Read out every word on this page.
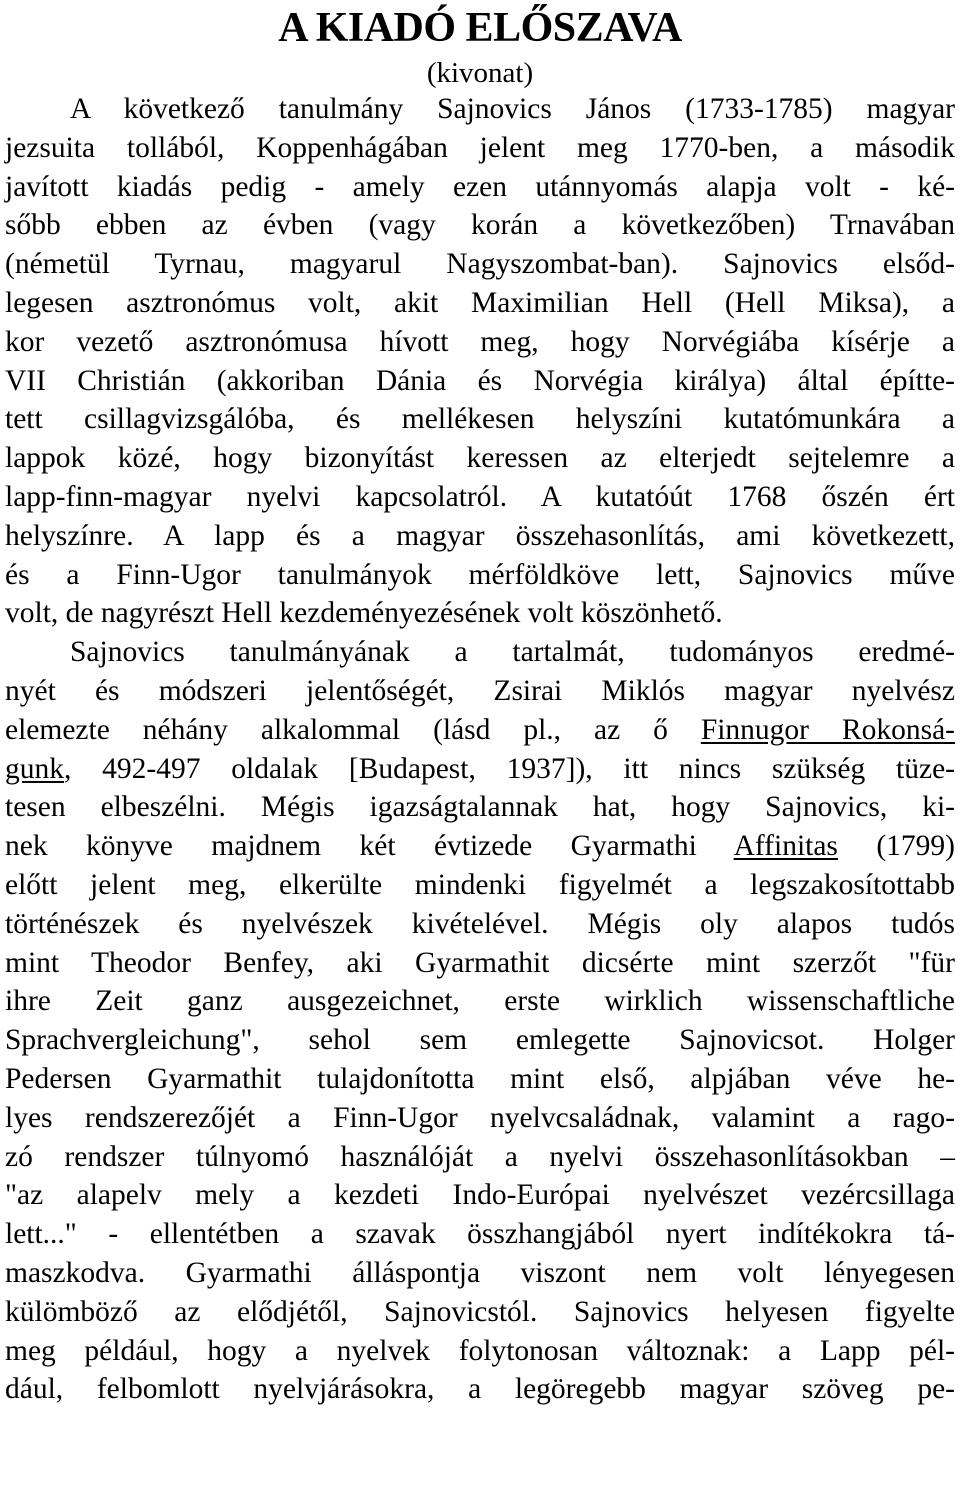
A KIADÓ ELŐSZAVA
(kivonat)

A következő tanulmány Sajnovics János (1733-1785) magyar
jezsuita tollából, Koppenhágában jelent meg 1770-ben, a második
javított kiadás pedig - amely ezen utánnyomás alapja volt - ké-
sőbb ebben az évben (vagy korán a következőben) Trnavában
(németül Tyrnau, magyarul Nagyszombat-ban). Sajnovics elsőd-
legesen asztronómus volt, akit Maximilian Hell (Hell Miksa), a
kor vezető asztronómusa hívott meg, hogy Norvégiába kísérje a
VII Christián (akkoriban Dánia és Norvégia királya) által építte-
tett csillagvizsgálóba, és mellékesen helyszíni kutatómunkára a
lappok közé, hogy bizonyítást keressen az elterjedt sejtelemre a
lapp-finn-magyar nyelvi kapcsolatról. A kutatóút 1768 őszén ért
helyszínre. A lapp és a magyar összehasonlítás, ami következett,
és a Finn-Ugor tanulmányok mérföldköve lett, Sajnovics műve
volt, de nagyrészt Hell kezdeményezésének volt köszönhető.

Sajnovics tanulmányának a tartalmát, tudományos eredmé-
nyét és módszeri jelentőségét, Zsirai Miklós magyar nyelvész
elemezte néhány alkalommal (lásd pl., az ő Finnugor Rokonsá-
gunk, 492-497 oldalak [Budapest, 1937]), itt nincs szükség tüze-
tesen elbeszélni. Mégis igazságtalannak hat, hogy Sajnovics, ki-
nek könyve majdnem két évtizede Gyarmathi Affinitas (1799)
előtt jelent meg, elkerülte mindenki figyelmét a legszakosítottabb
történészek és nyelvészek kivételével. Mégis oly alapos tudós
mint Theodor Benfey, aki Gyarmathit dicsérte mint szerzőt "für
ihre Zeit ganz ausgezeichnet, erste wirklich wissenschaftliche
Sprachvergleichung", sehol sem emlegette Sajnovicsot. Holger
Pedersen Gyarmathit tulajdonította mint első, alpjában véve he-
lyes rendszerezőjét a Finn-Ugor nyelvcsaládnak, valamint a rago-
zó rendszer túlnyomó használóját a nyelvi összehasonlításokban –
"az alapelv mely a kezdeti Indo-Európai nyelvészet vezércsillaga
lett..." - ellentétben a szavak összhangjából nyert indítékokra tá-
maszkodva. Gyarmathi álláspontja viszont nem volt lényegesen
külömböző az elődjétől, Sajnovicstól. Sajnovics helyesen figyelte
meg például, hogy a nyelvek folytonosan változnak: a Lapp pél-
dául, felbomlott nyelvjárásokra, a legöregebb magyar szöveg pe-
